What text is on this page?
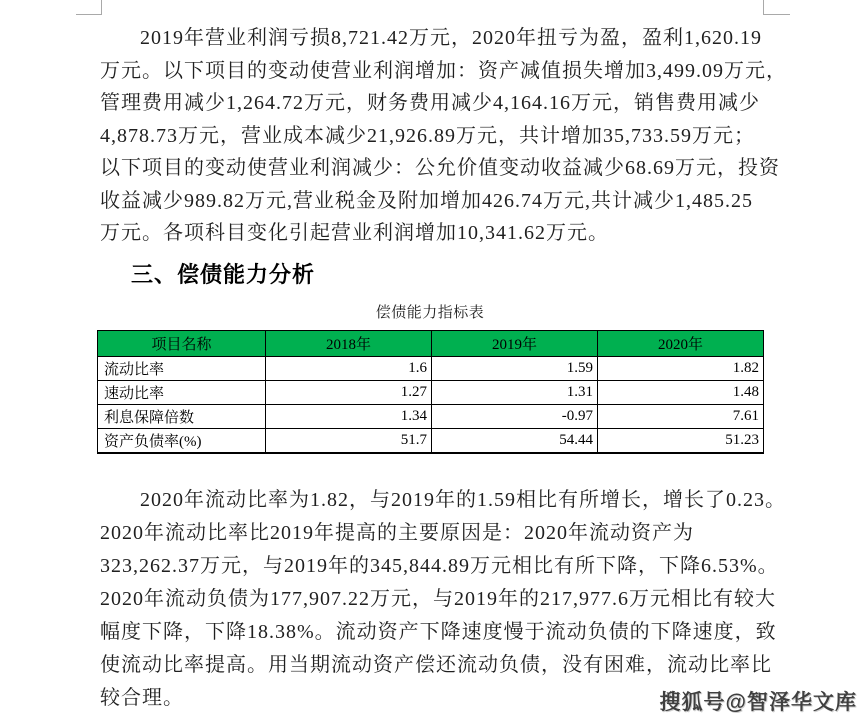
2019年营业利润亏损8,721.42万元，2020年扭亏为盈，盈利1,620.19
万元。以下项目的变动使营业利润增加：资产减值损失增加3,499.09万元，
管理费用减少1,264.72万元，财务费用减少4,164.16万元，销售费用减少
4,878.73万元，营业成本减少21,926.89万元，共计增加35,733.59万元；
以下项目的变动使营业利润减少：公允价值变动收益减少68.69万元，投资
收益减少989.82万元,营业税金及附加增加426.74万元,共计减少1,485.25
万元。各项科目变化引起营业利润增加10,341.62万元。
三、偿债能力分析
偿债能力指标表
项目名称	2018年	2019年	2020年
流动比率	1.6	1.59	1.82
速动比率	1.27	1.31	1.48
利息保障倍数	1.34	-0.97	7.61
资产负债率(%)	51.7	54.44	51.23
2020年流动比率为1.82，与2019年的1.59相比有所增长，增长了0.23。
2020年流动比率比2019年提高的主要原因是：2020年流动资产为
323,262.37万元，与2019年的345,844.89万元相比有所下降，下降6.53%。
2020年流动负债为177,907.22万元，与2019年的217,977.6万元相比有较大
幅度下降，下降18.38%。流动资产下降速度慢于流动负债的下降速度，致
使流动比率提高。用当期流动资产偿还流动负债，没有困难，流动比率比
较合理。	搜狐号@智泽华文库
